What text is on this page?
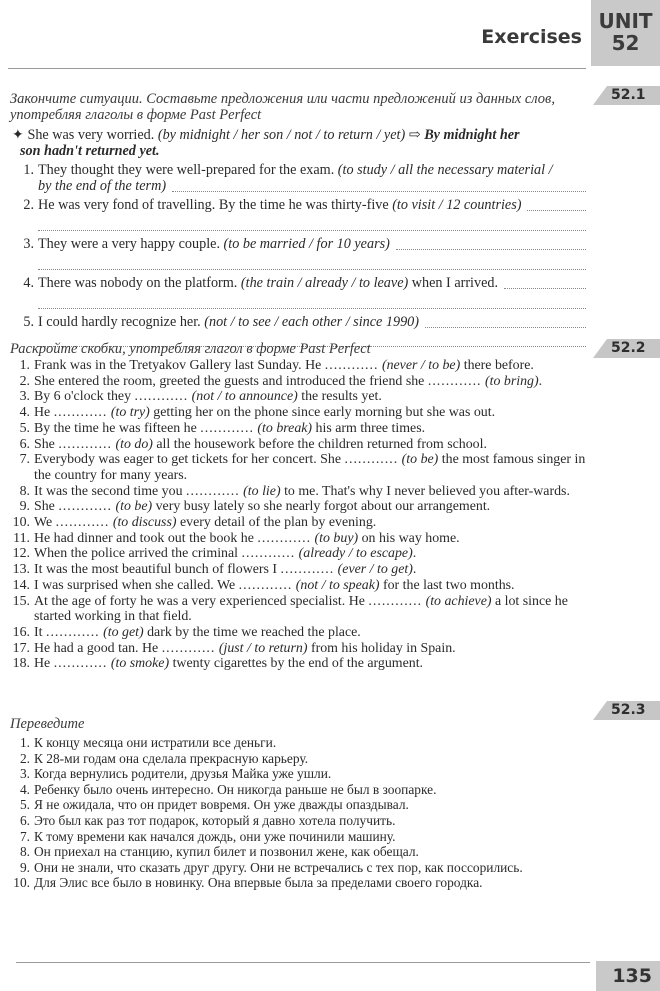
Exercises
UNIT
52
52.1
Закончите ситуации. Составьте предложения или части предложений из данных слов,
употребляя глаголы в форме Past Perfect
✦ She was very worried. (by midnight / her son / not / to return / yet) ⇨ By midnight her
son hadn't returned yet.
1. They thought they were well-prepared for the exam. (to study / all the necessary material /
by the end of the term)
2. He was very fond of travelling. By the time he was thirty-five (to visit / 12 countries)
3. They were a very happy couple. (to be married / for 10 years)
4. There was nobody on the platform. (the train / already / to leave) when I arrived.
5. I could hardly recognize her. (not / to see / each other / since 1990)
52.2
Раскройте скобки, употребляя глагол в форме Past Perfect
1. Frank was in the Tretyakov Gallery last Sunday. He ............ (never / to be) there before.
2. She entered the room, greeted the guests and introduced the friend she ............ (to bring).
3. By 6 o'clock they ............ (not / to announce) the results yet.
4. He ............ (to try) getting her on the phone since early morning but she was out.
5. By the time he was fifteen he ............ (to break) his arm three times.
6. She ............ (to do) all the housework before the children returned from school.
7. Everybody was eager to get tickets for her concert. She ............ (to be) the most famous singer in the country for many years.
8. It was the second time you ............ (to lie) to me. That's why I never believed you after-wards.
9. She ............ (to be) very busy lately so she nearly forgot about our arrangement.
10. We ............ (to discuss) every detail of the plan by evening.
11. He had dinner and took out the book he ............ (to buy) on his way home.
12. When the police arrived the criminal ............ (already / to escape).
13. It was the most beautiful bunch of flowers I ............ (ever / to get).
14. I was surprised when she called. We ............ (not / to speak) for the last two months.
15. At the age of forty he was a very experienced specialist. He ............ (to achieve) a lot since he started working in that field.
16. It ............ (to get) dark by the time we reached the place.
17. He had a good tan. He ............ (just / to return) from his holiday in Spain.
18. He ............ (to smoke) twenty cigarettes by the end of the argument.
52.3
Переведите
1. К концу месяца они истратили все деньги.
2. К 28-ми годам она сделала прекрасную карьеру.
3. Когда вернулись родители, друзья Майка уже ушли.
4. Ребенку было очень интересно. Он никогда раньше не был в зоопарке.
5. Я не ожидала, что он придет вовремя. Он уже дважды опаздывал.
6. Это был как раз тот подарок, который я давно хотела получить.
7. К тому времени как начался дождь, они уже починили машину.
8. Он приехал на станцию, купил билет и позвонил жене, как обещал.
9. Они не знали, что сказать друг другу. Они не встречались с тех пор, как поссорились.
10. Для Элис все было в новинку. Она впервые была за пределами своего городка.
135
